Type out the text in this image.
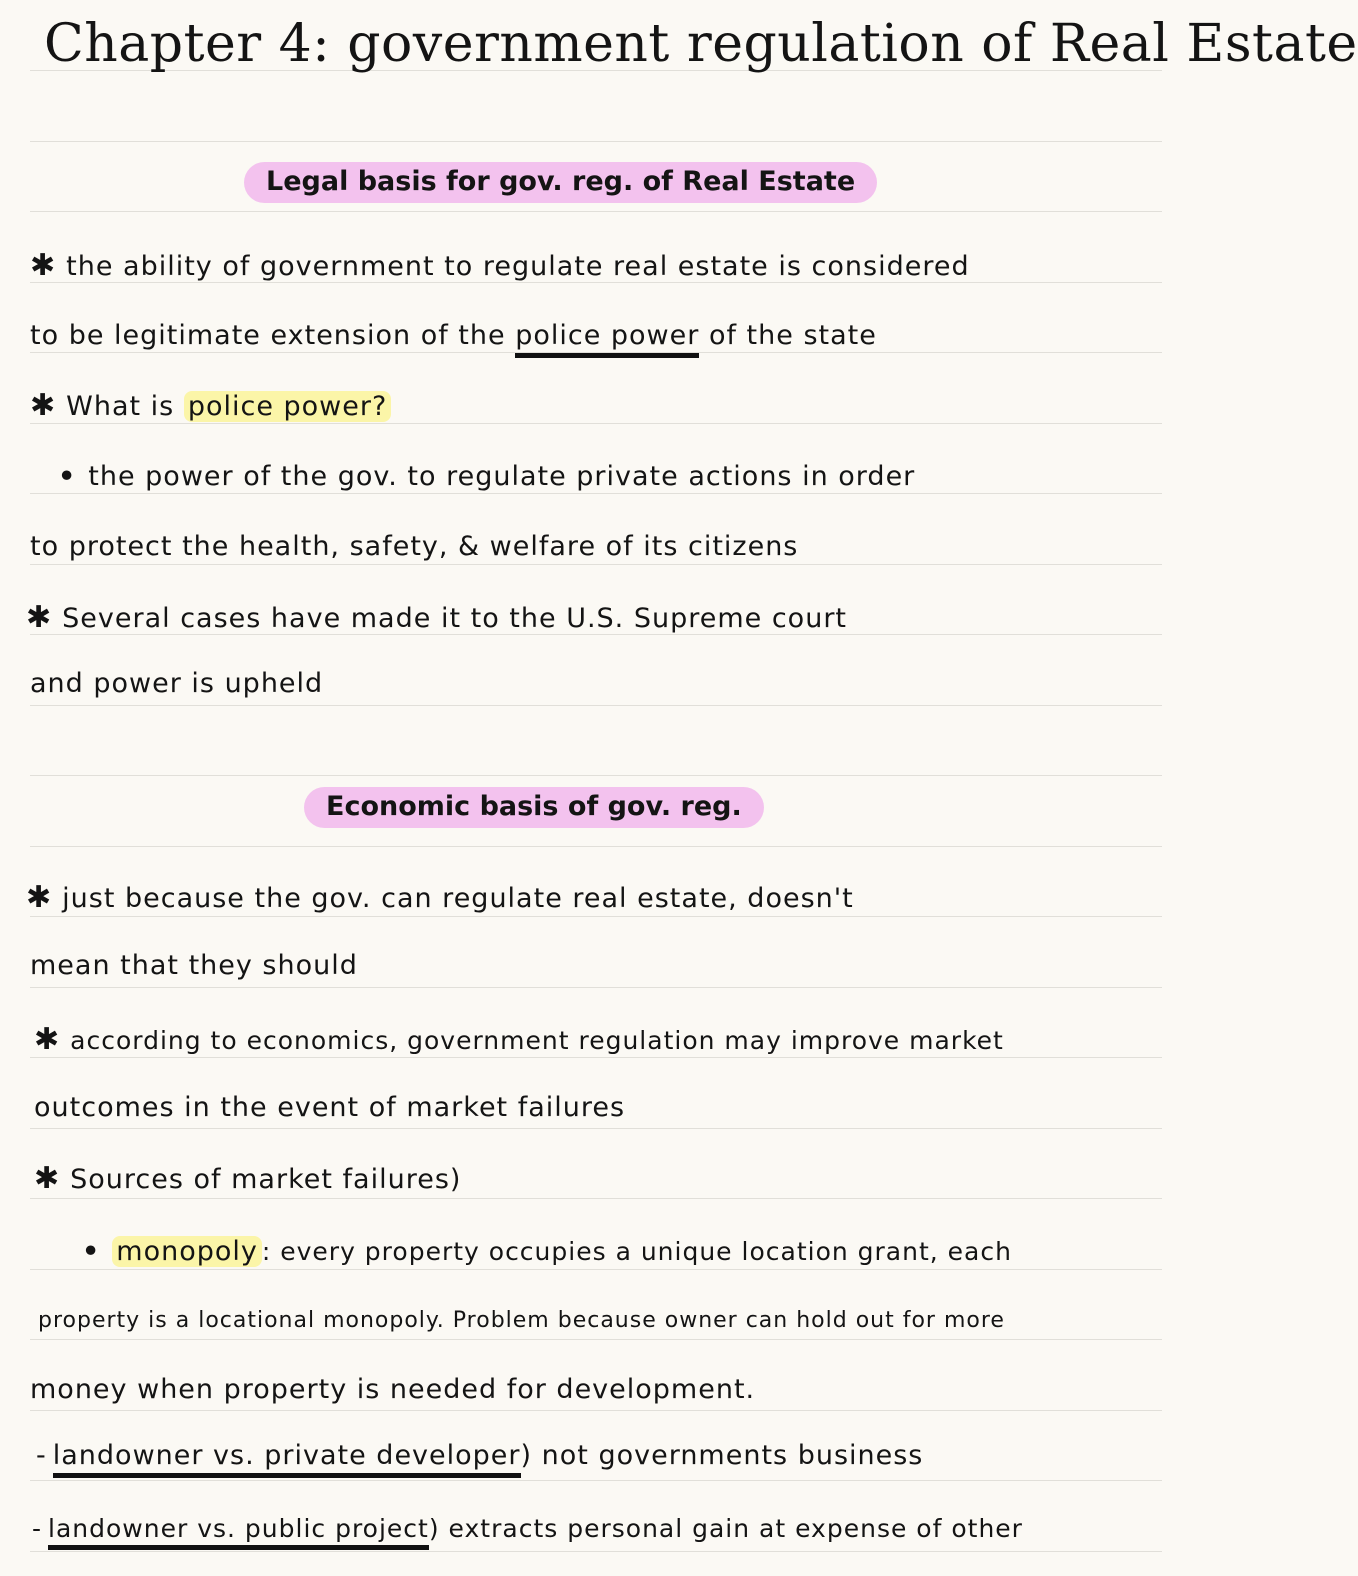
Chapter 4: government regulation of Real Estate
Legal basis for gov. reg. of Real Estate

✱ the ability of government to regulate real estate is considered

to be legitimate extension of the police power of the state

✱ What is police power?

• the power of the gov. to regulate private actions in order

to protect the health, safety, & welfare of its citizens

✱ Several cases have made it to the U.S. Supreme court

and power is upheld

Economic basis of gov. reg.

✱ just because the gov. can regulate real estate, doesn't

mean that they should

✱ according to economics, government regulation may improve market

outcomes in the event of market failures

✱ Sources of market failures)

• monopoly : every property occupies a unique location grant, each

property is a locational monopoly. Problem because owner can hold out for more

money when property is needed for development.

- landowner vs. private developer) not governments business

- landowner vs. public project) extracts personal gain at expense of other
